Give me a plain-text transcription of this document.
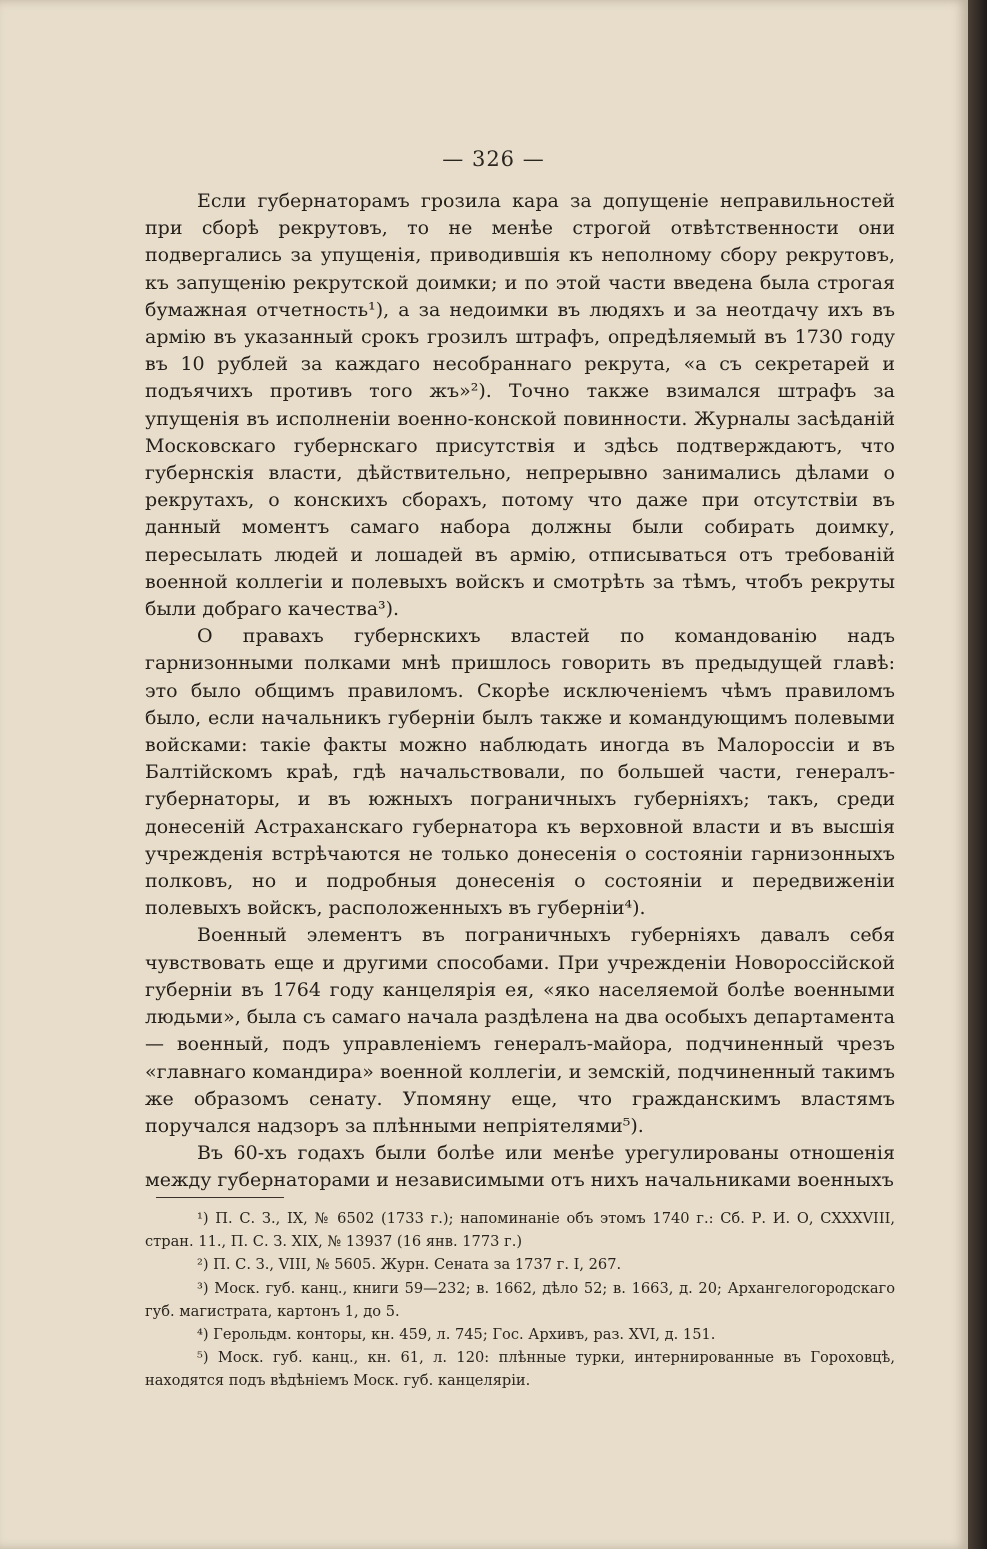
— 326 —

Если губернаторамъ грозила кара за допущеніе неправильностей при сборѣ рекрутовъ, то не менѣе строгой отвѣтственности они подвергались за упущенія, приводившія къ неполному сбору рекрутовъ, къ запущенію рекрутской доимки; и по этой части введена была строгая бумажная отчетность¹), а за недоимки въ людяхъ и за неотдачу ихъ въ армію въ указанный срокъ грозилъ штрафъ, опредѣляемый въ 1730 году въ 10 рублей за каждаго несобраннаго рекрута, «а съ секретарей и подъячихъ противъ того жъ»²). Точно также взимался штрафъ за упущенія въ исполненіи военно-конской повинности. Журналы засѣданій Московскаго губернскаго присутствія и здѣсь подтверждаютъ, что губернскія власти, дѣйствительно, непрерывно занимались дѣлами о рекрутахъ, о конскихъ сборахъ, потому что даже при отсутствіи въ данный моментъ самаго набора должны были собирать доимку, пересылать людей и лошадей въ армію, отписываться отъ требованій военной коллегіи и полевыхъ войскъ и смотрѣть за тѣмъ, чтобъ рекруты были добраго качества³).

О правахъ губернскихъ властей по командованію надъ гарнизонными полками мнѣ пришлось говорить въ предыдущей главѣ: это было общимъ правиломъ. Скорѣе исключеніемъ чѣмъ правиломъ было, если начальникъ губерніи былъ также и командующимъ полевыми войсками: такіе факты можно наблюдать иногда въ Малороссіи и въ Балтійскомъ краѣ, гдѣ начальствовали, по большей части, генералъ-губернаторы, и въ южныхъ пограничныхъ губерніяхъ; такъ, среди донесеній Астраханскаго губернатора къ верховной власти и въ высшія учрежденія встрѣчаются не только донесенія о состояніи гарнизонныхъ полковъ, но и подробныя донесенія о состояніи и передвиженіи полевыхъ войскъ, расположенныхъ въ губерніи⁴).

Военный элементъ въ пограничныхъ губерніяхъ давалъ себя чувствовать еще и другими способами. При учрежденіи Новороссійской губерніи въ 1764 году канцелярія ея, «яко населяемой болѣе военными людьми», была съ самаго начала раздѣлена на два особыхъ департамента — военный, подъ управленіемъ генералъ-майора, подчиненный чрезъ «главнаго командира» военной коллегіи, и земскій, подчиненный такимъ же образомъ сенату. Упомяну еще, что гражданскимъ властямъ поручался надзоръ за плѣнными непріятелями⁵).

Въ 60-хъ годахъ были болѣе или менѣе урегулированы отношенія между губернаторами и независимыми отъ нихъ начальниками военныхъ

¹) П. С. З., IX, № 6502 (1733 г.); напоминаніе объ этомъ 1740 г.: Сб. Р. И. О, CXXXVIII, стран. 11., П. С. З. XIX, № 13937 (16 янв. 1773 г.)

²) П. С. З., VIII, № 5605. Журн. Сената за 1737 г. I, 267.

³) Моск. губ. канц., книги 59—232; в. 1662, дѣло 52; в. 1663, д. 20; Архангелогородскаго губ. магистрата, картонъ 1, до 5.

⁴) Герольдм. конторы, кн. 459, л. 745; Гос. Архивъ, раз. XVI, д. 151.

⁵) Моск. губ. канц., кн. 61, л. 120: плѣнные турки, интернированные въ Гороховцѣ, находятся подъ вѣдѣніемъ Моск. губ. канцеляріи.
